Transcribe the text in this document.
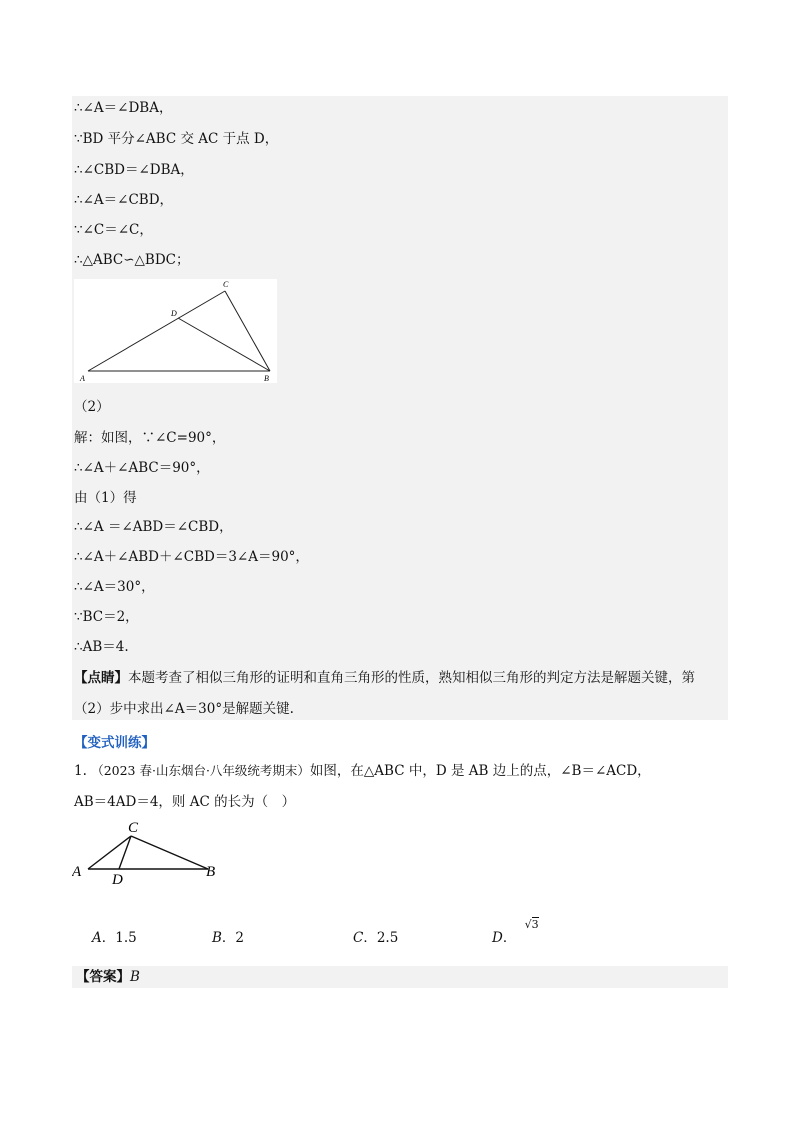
∴∠A＝∠DBA，
∵BD 平分∠ABC 交 AC 于点 D，
∴∠CBD＝∠DBA，
∴∠A＝∠CBD，
∵∠C＝∠C，
∴△ABC∽△BDC；
A	B
C
D
（2）
解：如图，∵∠C=90°，
∴∠A＋∠ABC＝90°，
由（1）得
∴∠A ＝∠ABD＝∠CBD，
∴∠A＋∠ABD＋∠CBD＝3∠A＝90°，
∴∠A＝30°，
∵BC＝2，
∴AB＝4.
【点睛】本题考查了相似三角形的证明和直角三角形的性质，熟知相似三角形的判定方法是解题关键，第
（2）步中求出∠A＝30°是解题关键.
【变式训练】
1. （2023 春·山东烟台·八年级统考期末）如图，在△ABC 中，D 是 AB 边上的点，∠B＝∠ACD，
AB＝4AD＝4，则 AC 的长为（　）
A	B
C
D
A．1.5	B．2	C．2.5	D． $^{√3}$
【答案】B
